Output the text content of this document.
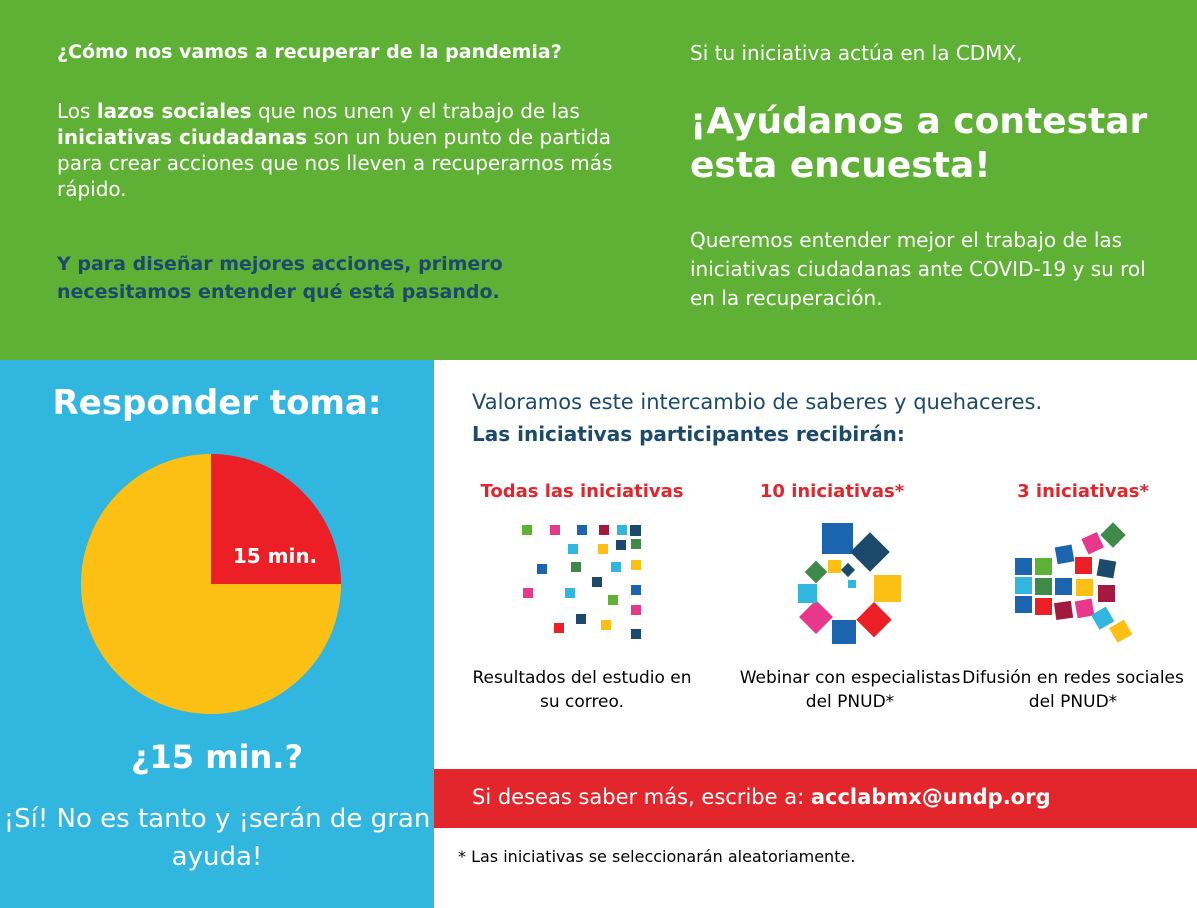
¿Cómo nos vamos a recuperar de la pandemia?
Los lazos sociales que nos unen y el trabajo de las iniciativas ciudadanas son un buen punto de partida para crear acciones que nos lleven a recuperarnos más rápido.
Y para diseñar mejores acciones, primero necesitamos entender qué está pasando.
Si tu iniciativa actúa en la CDMX,
¡Ayúdanos a contestar esta encuesta!
Queremos entender mejor el trabajo de las iniciativas ciudadanas ante COVID-19 y su rol en la recuperación.
Responder toma:
15 min.
¿15 min.?
¡Sí! No es tanto y ¡serán de gran ayuda!
Valoramos este intercambio de saberes y quehaceres.
Las iniciativas participantes recibirán:
Todas las iniciativas	10 iniciativas*	3 iniciativas*
Resultados del estudio en su correo.
Webinar con especialistas del PNUD*
Difusión en redes sociales del PNUD*
Si deseas saber más, escribe a: acclabmx@undp.org
* Las iniciativas se seleccionarán aleatoriamente.
